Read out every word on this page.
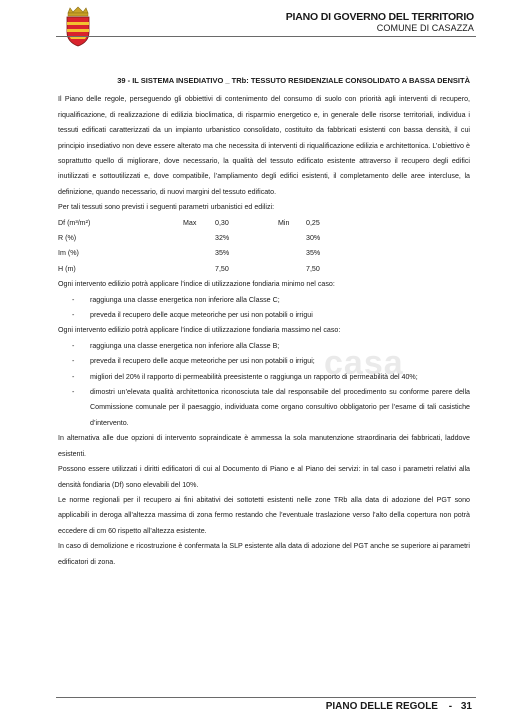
PIANO DI GOVERNO DEL TERRITORIO
COMUNE DI CASAZZA
39 - IL SISTEMA INSEDIATIVO _ TRb: TESSUTO RESIDENZIALE CONSOLIDATO A BASSA DENSITÀ
Il Piano delle regole, perseguendo gli obbiettivi di contenimento del consumo di suolo con priorità agli interventi di recupero, riqualificazione, di realizzazione di edilizia bioclimatica, di risparmio energetico e, in generale delle risorse territoriali, individua i tessuti edificati caratterizzati da un impianto urbanistico consolidato, costituito da fabbricati esistenti con bassa densità, il cui principio insediativo non deve essere alterato ma che necessita di interventi di riqualificazione edilizia e architettonica. L’obiettivo è soprattutto quello di migliorare, dove necessario, la qualità del tessuto edificato esistente attraverso il recupero degli edifici inutilizzati e sottoutilizzati e, dove compatibile, l’ampliamento degli edifici esistenti, il completamento delle aree intercluse, la definizione, quando necessario, di nuovi margini del tessuto edificato.
Per tali tessuti sono previsti i seguenti parametri urbanistici ed edilizi:
Df (m³/m²)	Max	0,30	Min 0,25
R (%)	32%	30%
Im (%)	35%	35%
H (m)	7,50	7,50
Ogni intervento edilizio potrà applicare l’indice di utilizzazione fondiaria minimo nel caso:
- raggiunga una classe energetica non inferiore alla Classe C;
- preveda il recupero delle acque meteoriche per usi non potabili o irrigui
Ogni intervento edilizio potrà applicare l’indice di utilizzazione fondiaria massimo nel caso:
- raggiunga una classe energetica non inferiore alla Classe B;
- preveda il recupero delle acque meteoriche per usi non potabili o irrigui;
- migliori del 20% il rapporto di permeabilità preesistente o raggiunga un rapporto di permeabilità del 40%;
- dimostri un’elevata qualità architettonica riconosciuta tale dal responsabile del procedimento su conforme parere della Commissione comunale per il paesaggio, individuata come organo consultivo obbligatorio per l’esame di tali casistiche d’intervento.
In alternativa alle due opzioni di intervento sopraindicate è ammessa la sola manutenzione straordinaria dei fabbricati, laddove esistenti.
Possono essere utilizzati i diritti edificatori di cui al Documento di Piano e al Piano dei servizi: in tal caso i parametri relativi alla densità fondiaria (Df) sono elevabili del 10%.
Le norme regionali per il recupero ai fini abitativi dei sottotetti esistenti nelle zone TRb alla data di adozione del PGT sono applicabili in deroga all’altezza massima di zona fermo restando che l’eventuale traslazione verso l’alto della copertura non potrà eccedere di cm 60 rispetto all’altezza esistente.
In caso di demolizione e ricostruzione è confermata la SLP esistente alla data di adozione del PGT anche se superiore ai parametri edificatori di zona.
casa
PIANO DELLE REGOLE - 31
